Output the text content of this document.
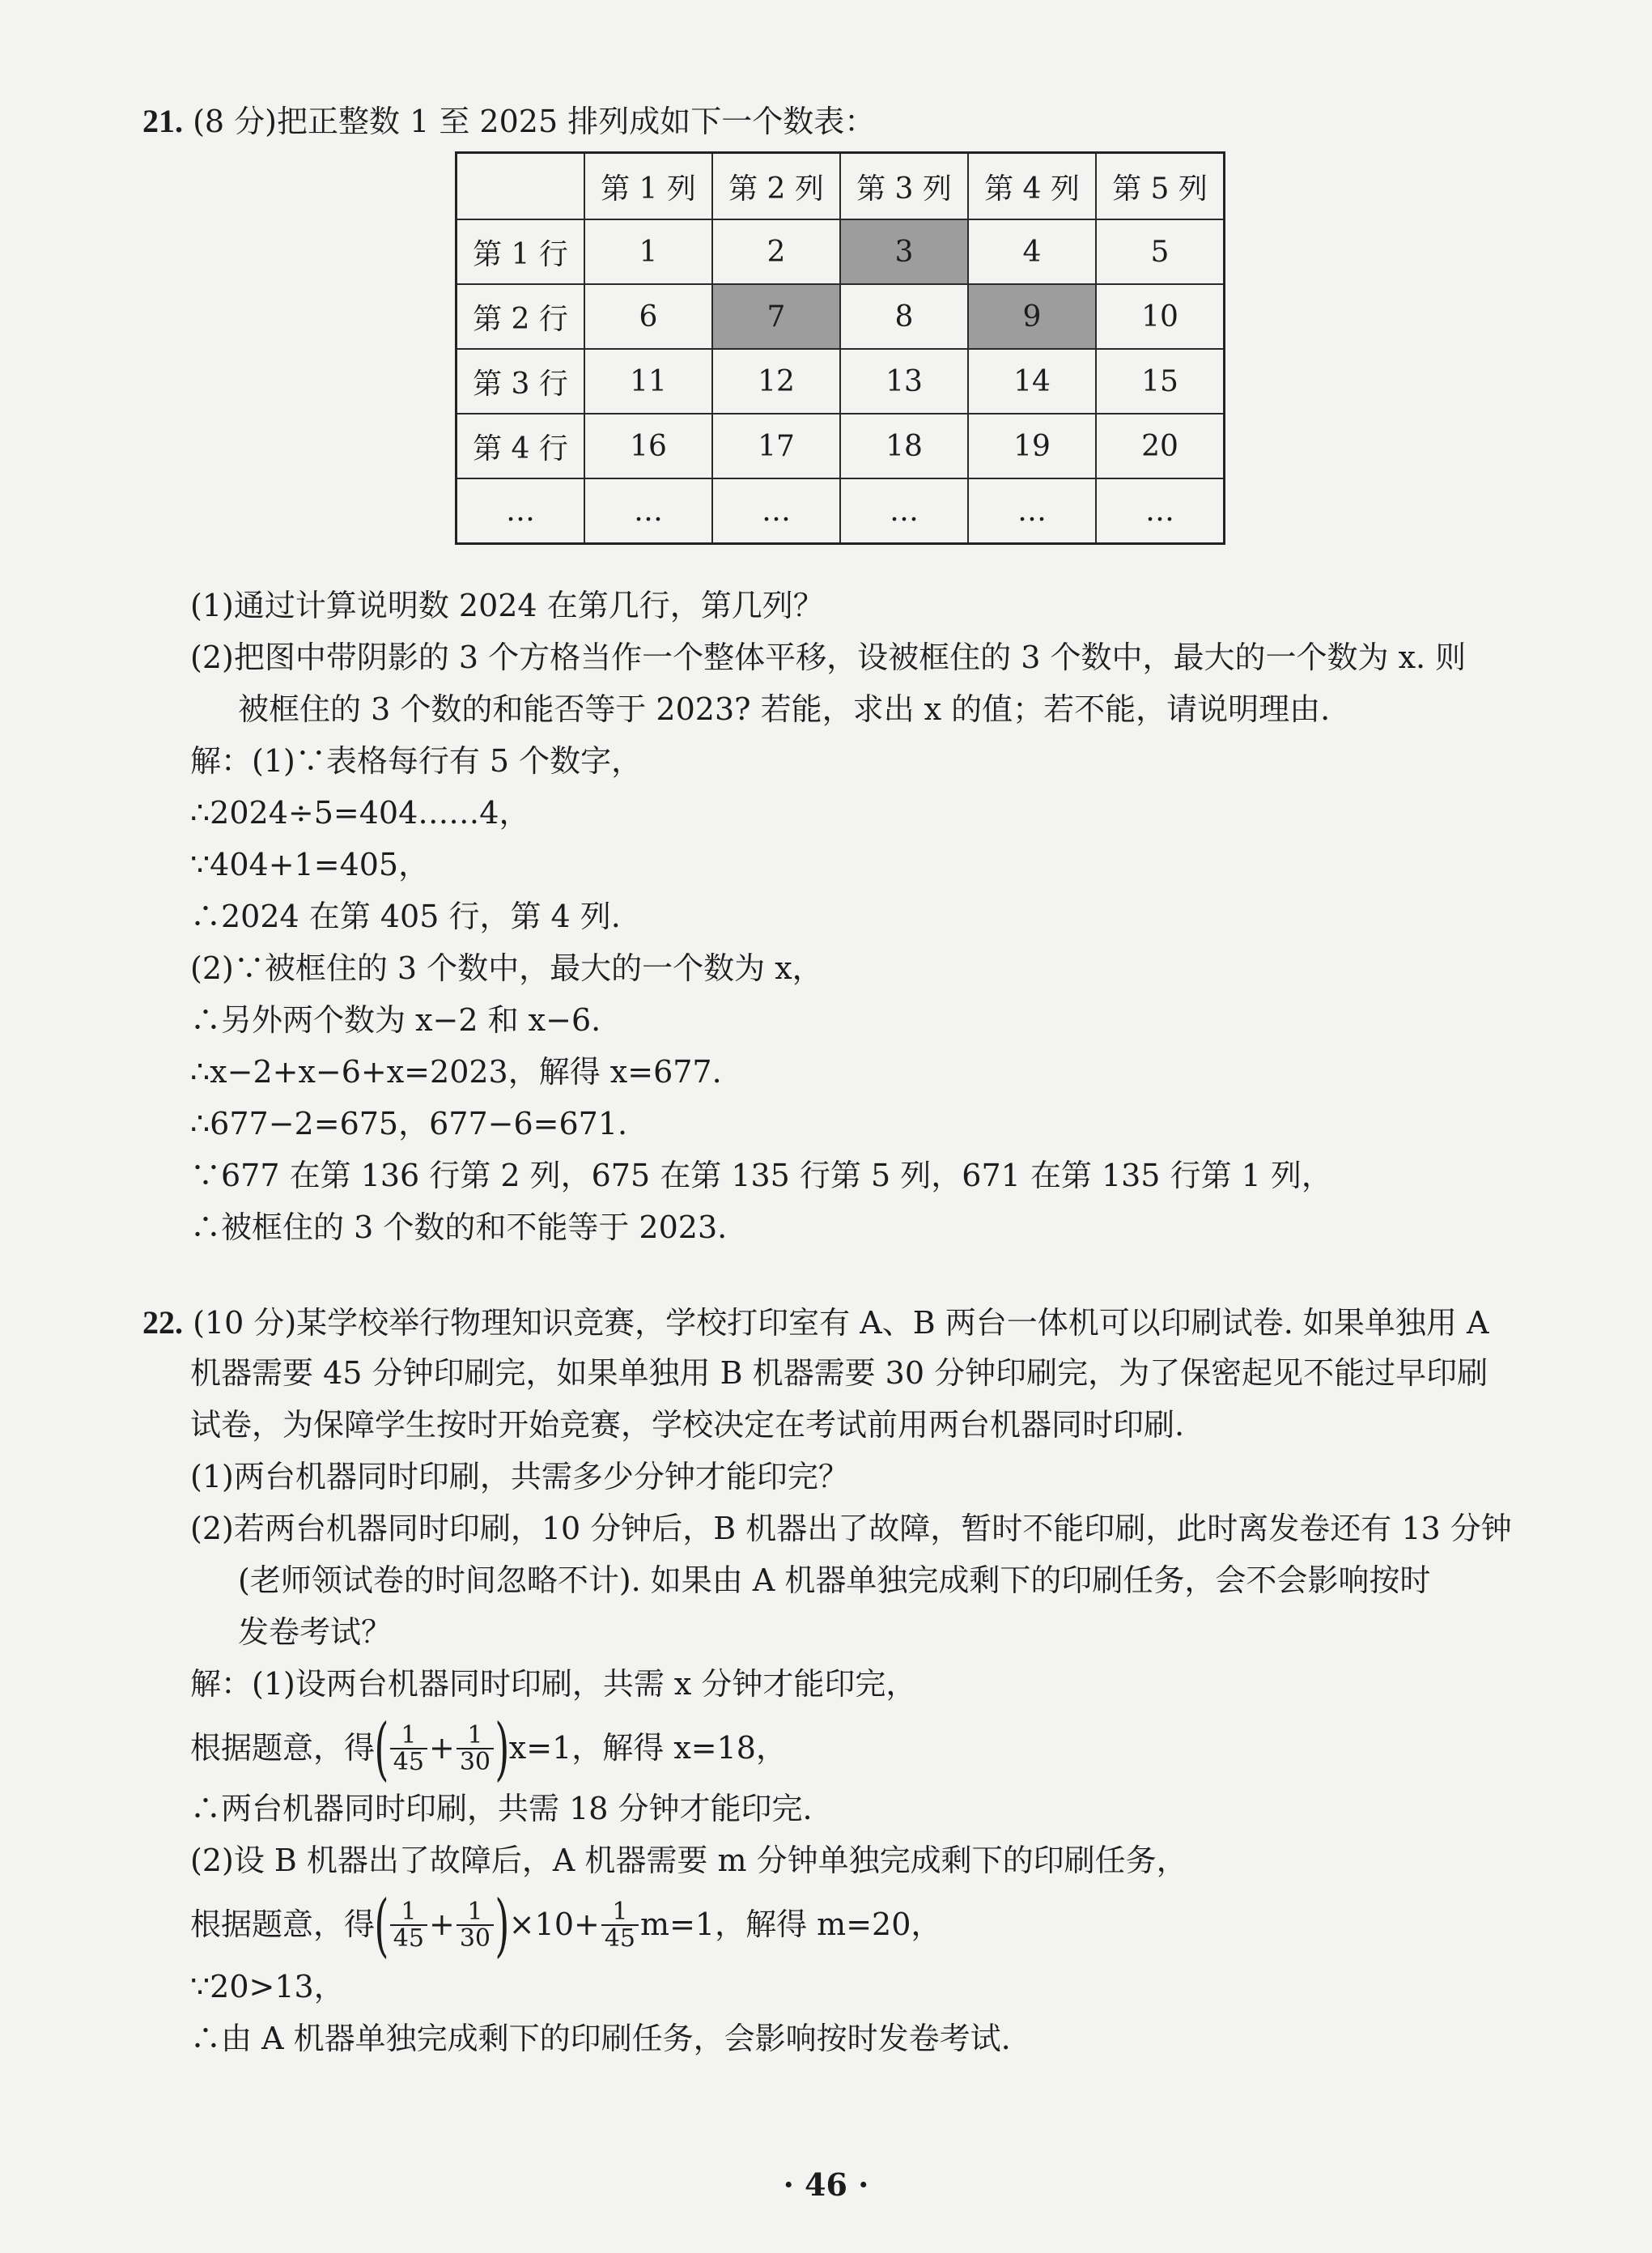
21. (8 分)把正整数 1 至 2025 排列成如下一个数表：
	第 1 列	第 2 列	第 3 列	第 4 列	第 5 列
第 1 行	1	2	3	4	5
第 2 行	6	7	8	9	10
第 3 行	11	12	13	14	15
第 4 行	16	17	18	19	20
…	…	…	…	…	…
(1)通过计算说明数 2024 在第几行，第几列？
(2)把图中带阴影的 3 个方格当作一个整体平移，设被框住的 3 个数中，最大的一个数为 x. 则
被框住的 3 个数的和能否等于 2023? 若能，求出 x 的值；若不能，请说明理由.
解：(1)∵表格每行有 5 个数字，
∴2024÷5=404……4，
∵404+1=405，
∴2024 在第 405 行，第 4 列.
(2)∵被框住的 3 个数中，最大的一个数为 x，
∴另外两个数为 x−2 和 x−6.
∴x−2+x−6+x=2023，解得 x=677.
∴677−2=675，677−6=671.
∵677 在第 136 行第 2 列，675 在第 135 行第 5 列，671 在第 135 行第 1 列，
∴被框住的 3 个数的和不能等于 2023.
22. (10 分)某学校举行物理知识竞赛，学校打印室有 A、B 两台一体机可以印刷试卷. 如果单独用 A
机器需要 45 分钟印刷完，如果单独用 B 机器需要 30 分钟印刷完，为了保密起见不能过早印刷
试卷，为保障学生按时开始竞赛，学校决定在考试前用两台机器同时印刷.
(1)两台机器同时印刷，共需多少分钟才能印完？
(2)若两台机器同时印刷，10 分钟后，B 机器出了故障，暂时不能印刷，此时离发卷还有 13 分钟
(老师领试卷的时间忽略不计). 如果由 A 机器单独完成剩下的印刷任务，会不会影响按时
发卷考试？
解：(1)设两台机器同时印刷，共需 x 分钟才能印完，
根据题意，得 ( $\frac{1}{45} + \frac{1}{30}$ ) x=1，解得 x=18，
∴两台机器同时印刷，共需 18 分钟才能印完.
(2)设 B 机器出了故障后，A 机器需要 m 分钟单独完成剩下的印刷任务，
根据题意，得 ( $\frac{1}{45} + \frac{1}{30}$ ) $\times 10+ \frac{1}{45} m=1$，解得 m=20，
∵20>13，
∴由 A 机器单独完成剩下的印刷任务，会影响按时发卷考试.
· 46 ·
